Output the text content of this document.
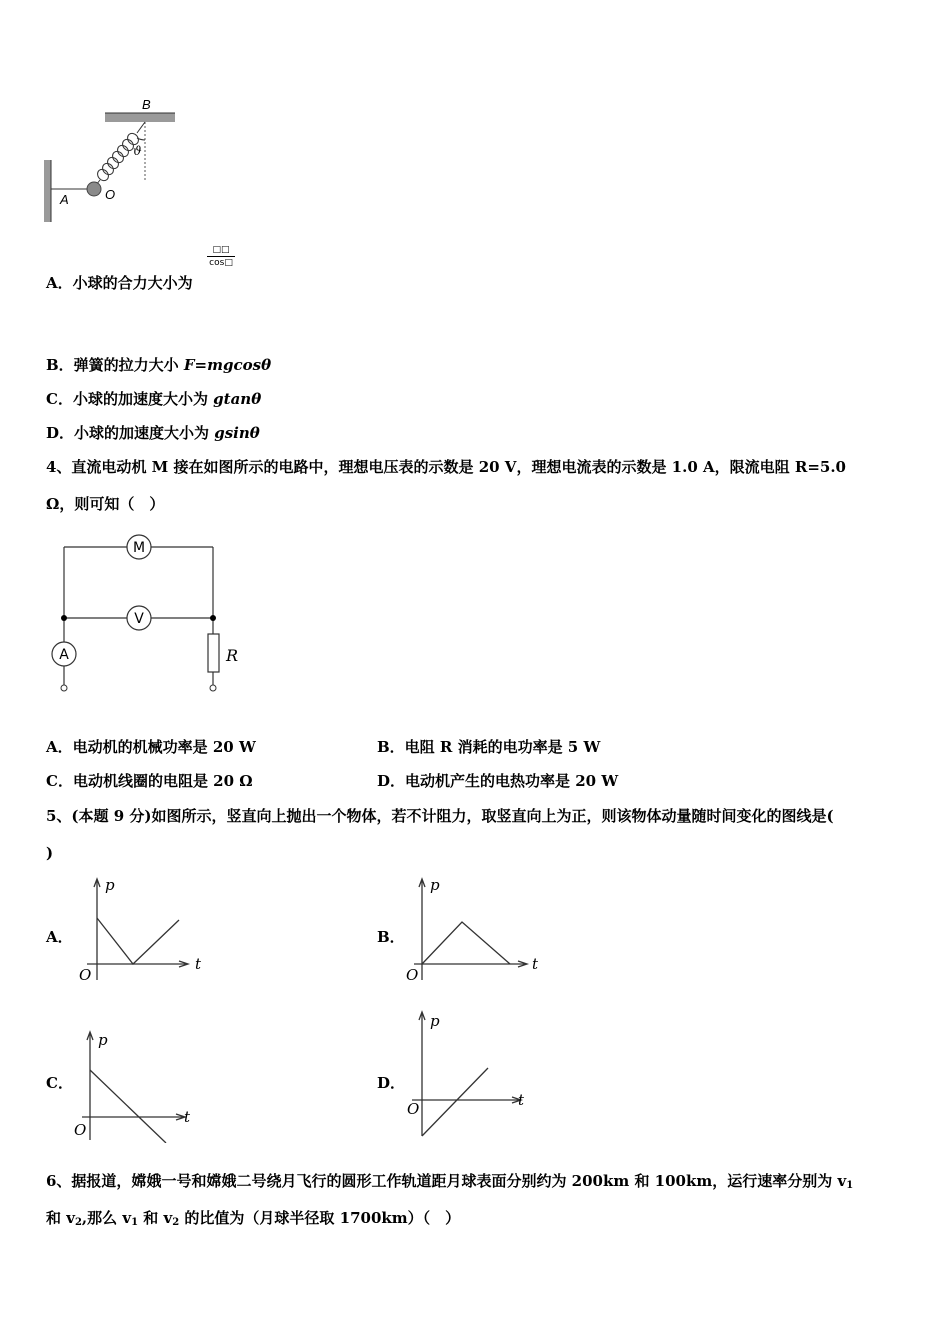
B
A
ϑ
O
A．小球的合力大小为
□□
cos□
B．弹簧的拉力大小 F=mgcosθ
C．小球的加速度大小为 gtanθ
D．小球的加速度大小为 gsinθ
4、直流电动机 M 接在如图所示的电路中，理想电压表的示数是 20 V，理想电流表的示数是 1.0 A，限流电阻 R=5.0
Ω，则可知（　）
M
V
A	R
A．电动机的机械功率是 20 W	B．电阻 R 消耗的电功率是 5 W
C．电动机线圈的电阻是 20 Ω	D．电动机产生的电热功率是 20 W
5、(本题 9 分)如图所示，竖直向上抛出一个物体，若不计阻力，取竖直向上为正，则该物体动量随时间变化的图线是(
)
A．
p
t
O
B．
p
t
O
C．
p
t
O
D．
p
t
O
6、据报道，嫦娥一号和嫦娥二号绕月飞行的圆形工作轨道距月球表面分别约为 200km 和 100km，运行速率分别为 $v_1$
和 $v_2$,那么 $v_1$ 和 $v_2$ 的比值为（月球半径取 1700km）（　）
